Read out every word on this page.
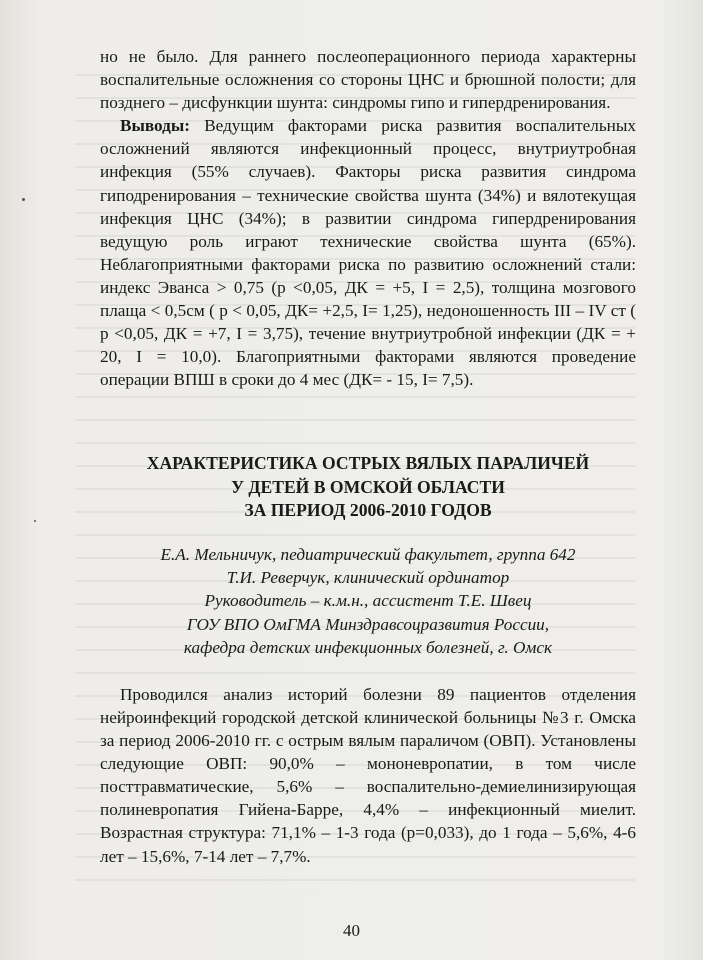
но не было. Для раннего послеоперационного периода характерны воспалительные осложнения со стороны ЦНС и брюшной полости; для позднего – дисфункции шунта: синдромы гипо и гипердренирования.

Выводы: Ведущим факторами риска развития воспалительных осложнений являются инфекционный процесс, внутриутробная инфекция (55% случаев). Факторы риска развития синдрома гиподренирования – технические свойства шунта (34%) и вялотекущая инфекция ЦНС (34%); в развитии синдрома гипердренирования ведущую роль играют технические свойства шунта (65%). Неблагоприятными факторами риска по развитию осложнений стали: индекс Эванса > 0,75 (р <0,05, ДК = +5, I = 2,5), толщина мозгового плаща < 0,5см ( р < 0,05, ДК= +2,5, I= 1,25), недоношенность III – IV ст ( р <0,05, ДК = +7, I = 3,75), течение внутриутробной инфекции (ДК = + 20, I = 10,0). Благоприятными факторами являются проведение операции ВПШ в сроки до 4 мес (ДК= - 15, I= 7,5).

ХАРАКТЕРИСТИКА ОСТРЫХ ВЯЛЫХ ПАРАЛИЧЕЙ
У ДЕТЕЙ В ОМСКОЙ ОБЛАСТИ
ЗА ПЕРИОД 2006-2010 ГОДОВ
Е.А. Мельничук, педиатрический факультет, группа 642
Т.И. Реверчук, клинический ординатор
Руководитель – к.м.н., ассистент Т.Е. Швец
ГОУ ВПО ОмГМА Минздравсоцразвития России,
кафедра детских инфекционных болезней, г. Омск

Проводился анализ историй болезни 89 пациентов отделения нейроинфекций городской детской клинической больницы №3 г. Омска за период 2006-2010 гг. с острым вялым параличом (ОВП). Установлены следующие ОВП: 90,0% – мононевропатии, в том числе посттравматические, 5,6% – воспалительно-демиелинизирующая полиневропатия Гийена-Барре, 4,4% – инфекционный миелит. Возрастная структура: 71,1% – 1-3 года (р=0,033), до 1 года – 5,6%, 4-6 лет – 15,6%, 7-14 лет – 7,7%.

40
